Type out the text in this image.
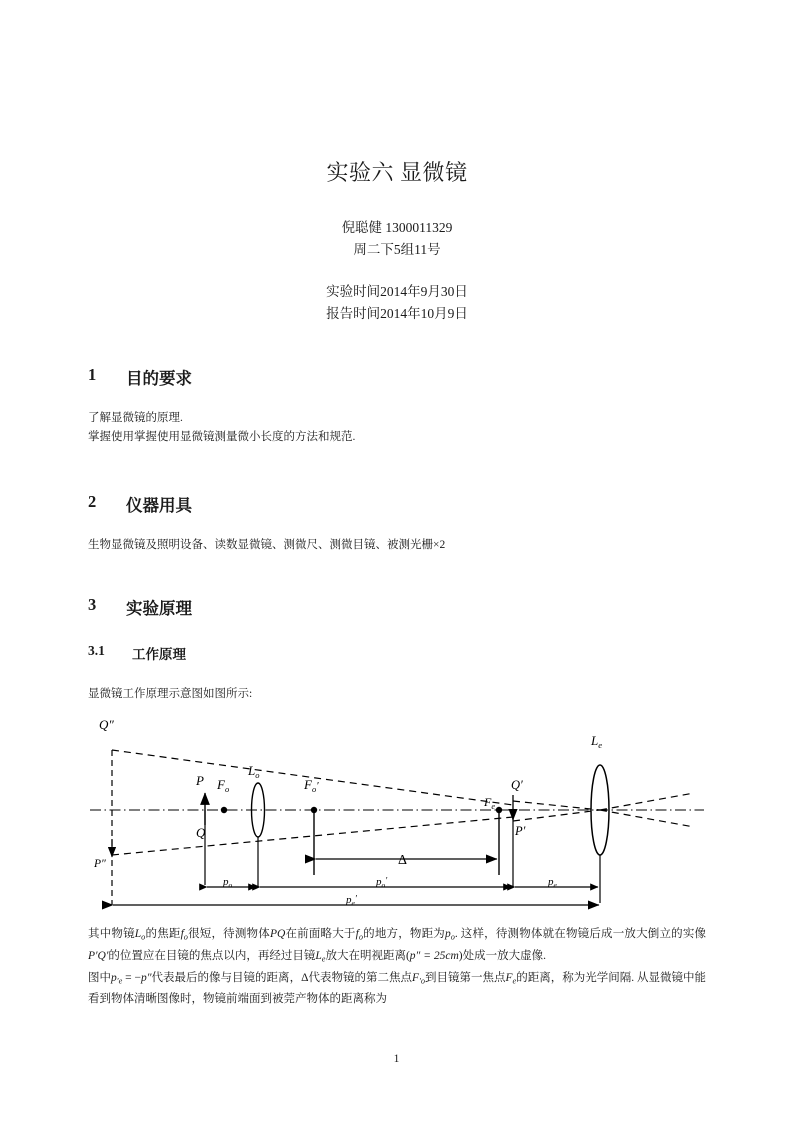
实验六 显微镜
倪聪健 1300011329
周二下5组11号
实验时间2014年9月30日
报告时间2014年10月9日
1	目的要求

了解显微镜的原理.

掌握使用掌握使用显微镜测量微小长度的方法和规范.

2	仪器用具

生物显微镜及照明设备、读数显微镜、测微尺、测微目镜、被测光栅×2

3	实验原理
3.1	工作原理

显微镜工作原理示意图如图所示:

Q″
P″
P
Q
$F_o$
$L_o$
$F_o'$
$F_e$
Q′
P′
$L_e$
Δ
$p_o$	$p_o'$	$p_e$
$p_e'$

其中物镜$L_o$的焦距$f_o$很短，待测物体PQ在前面略大于$f_o$的地方，物距为$p_o$. 这样，待测物体就在物镜后成一放大倒立的实像P′Q′的位置应在目镜的焦点以内，再经过目镜$L_e$放大在明视距离(p″ = 25cm)处成一放大虚像.

图中$p_{'e} = -p''$代表最后的像与目镜的距离，Δ代表物镜的第二焦点$F_{'o}$到目镜第一焦点$F_e$的距离，称为光学间隔. 从显微镜中能看到物体清晰图像时，物镜前端面到被莞产物体的距离称为

1
